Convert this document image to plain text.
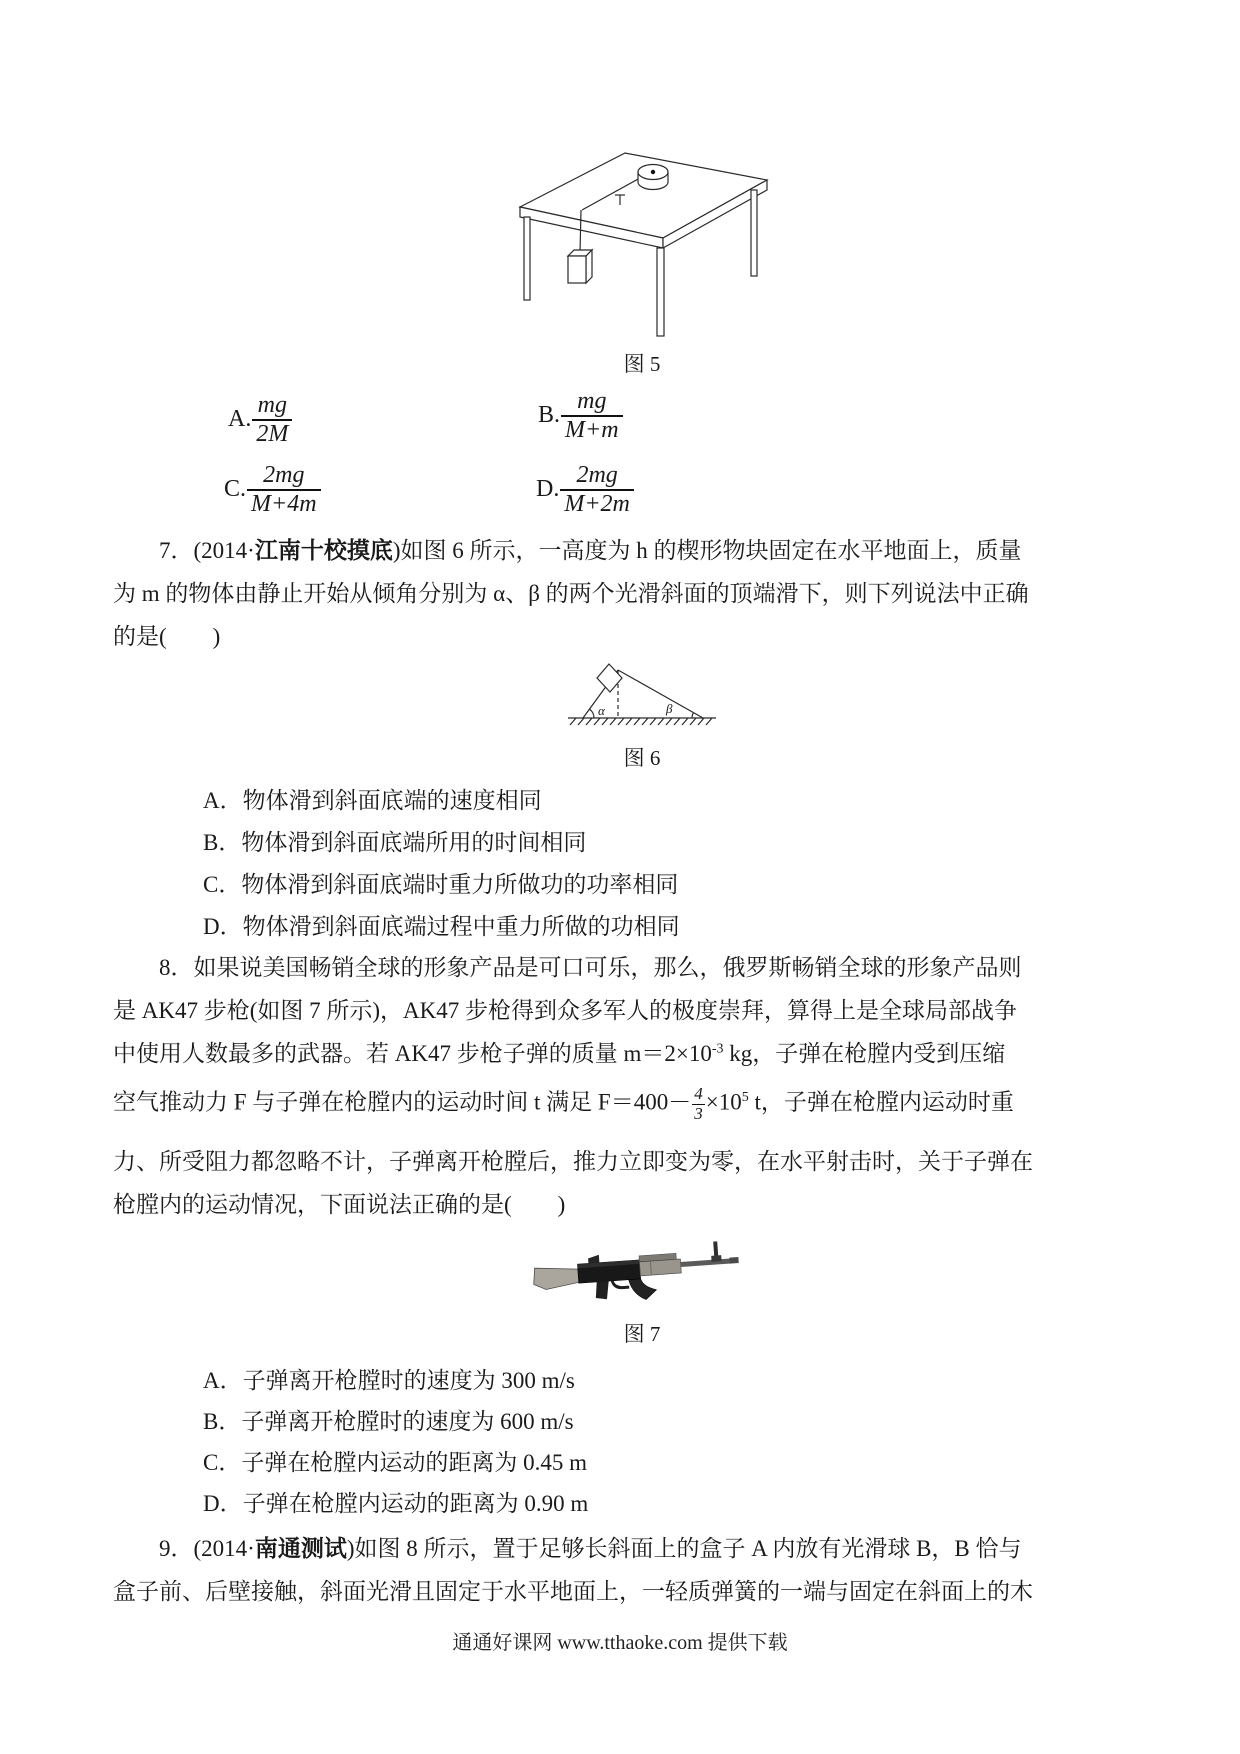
图 5
A. $\frac{mg}{2M}$	B. $\frac{mg}{M+m}$
C. $\frac{2mg}{M+4m}$	D. $\frac{2mg}{M+2m}$
7．(2014·江南十校摸底)如图 6 所示，一高度为 h 的楔形物块固定在水平地面上，质量
为 m 的物体由静止开始从倾角分别为 α、β 的两个光滑斜面的顶端滑下，则下列说法中正确
的是(　　)
α	β
图 6
A．物体滑到斜面底端的速度相同
B．物体滑到斜面底端所用的时间相同
C．物体滑到斜面底端时重力所做功的功率相同
D．物体滑到斜面底端过程中重力所做的功相同
8．如果说美国畅销全球的形象产品是可口可乐，那么，俄罗斯畅销全球的形象产品则
是 AK47 步枪(如图 7 所示)，AK47 步枪得到众多军人的极度崇拜，算得上是全球局部战争
中使用人数最多的武器。若 AK47 步枪子弹的质量 $m=2\times 10^{-3}$ kg，子弹在枪膛内受到压缩
空气推动力 F 与子弹在枪膛内的运动时间 t 满足 $F=400- \frac{4}{3} \times 10^5$ t，子弹在枪膛内运动时重
力、所受阻力都忽略不计，子弹离开枪膛后，推力立即变为零，在水平射击时，关于子弹在
枪膛内的运动情况，下面说法正确的是(　　)
图 7
A．子弹离开枪膛时的速度为 300 m/s
B．子弹离开枪膛时的速度为 600 m/s
C．子弹在枪膛内运动的距离为 0.45 m
D．子弹在枪膛内运动的距离为 0.90 m
9．(2014·南通测试)如图 8 所示，置于足够长斜面上的盒子 A 内放有光滑球 B，B 恰与
盒子前、后壁接触，斜面光滑且固定于水平地面上，一轻质弹簧的一端与固定在斜面上的木
通通好课网 www.tthaoke.com 提供下载
